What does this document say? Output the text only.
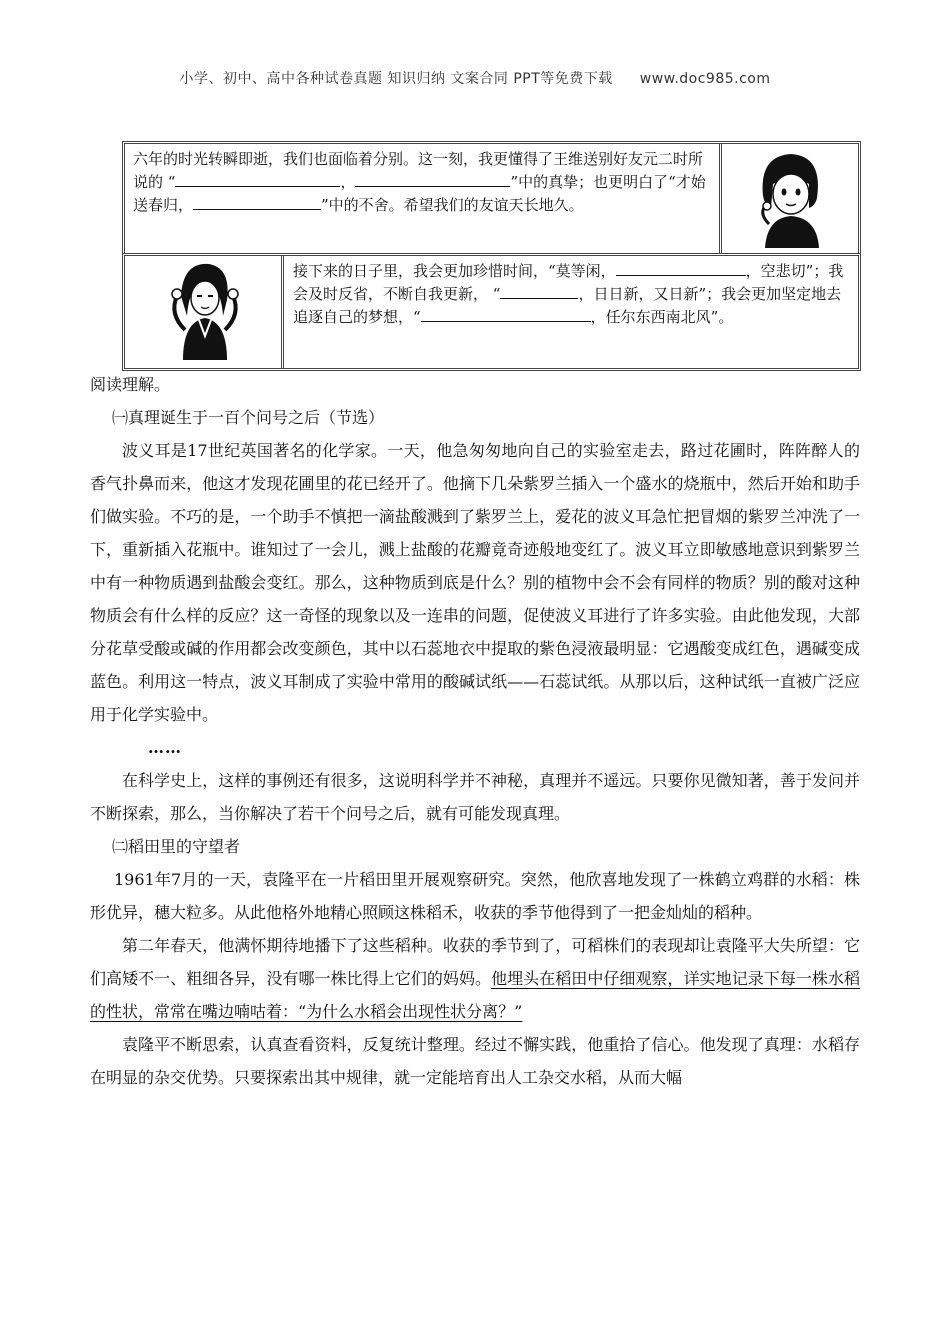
小学、初中、高中各种试卷真题 知识归纳 文案合同 PPT等免费下载 www.doc985.com
六年的时光转瞬即逝，我们也面临着分别。这一刻，我更懂得了王维送别好友元二时所说的 “	，	”中的真挚；也更明白了“才始送春归，	”中的不舍。希望我们的友谊天长地久。
接下来的日子里，我会更加珍惜时间，“莫等闲，	，空悲切”；我会及时反省，不断自我更新， “	，日日新，又日新”；我会更加坚定地去追逐自己的梦想，“	，任尔东西南北风”。

阅读理解。

㈠真理诞生于一百个问号之后（节选）

波义耳是17世纪英国著名的化学家。一天，他急匆匆地向自己的实验室走去，路过花圃时，阵阵醉人的香气扑鼻而来，他这才发现花圃里的花已经开了。他摘下几朵紫罗兰插入一个盛水的烧瓶中，然后开始和助手们做实验。不巧的是，一个助手不慎把一滴盐酸溅到了紫罗兰上，爱花的波义耳急忙把冒烟的紫罗兰冲洗了一下，重新插入花瓶中。谁知过了一会儿，溅上盐酸的花瓣竟奇迹般地变红了。波义耳立即敏感地意识到紫罗兰中有一种物质遇到盐酸会变红。那么，这种物质到底是什么？别的植物中会不会有同样的物质？别的酸对这种物质会有什么样的反应？这一奇怪的现象以及一连串的问题，促使波义耳进行了许多实验。由此他发现，大部分花草受酸或碱的作用都会改变颜色，其中以石蕊地衣中提取的紫色浸液最明显：它遇酸变成红色，遇碱变成蓝色。利用这一特点，波义耳制成了实验中常用的酸碱试纸——石蕊试纸。从那以后，这种试纸一直被广泛应用于化学实验中。

……

在科学史上，这样的事例还有很多，这说明科学并不神秘，真理并不遥远。只要你见微知著，善于发问并不断探索，那么，当你解决了若干个问号之后，就有可能发现真理。

㈡稻田里的守望者

1961年7月的一天，袁隆平在一片稻田里开展观察研究。突然，他欣喜地发现了一株鹤立鸡群的水稻：株形优异，穗大粒多。从此他格外地精心照顾这株稻禾，收获的季节他得到了一把金灿灿的稻种。

第二年春天，他满怀期待地播下了这些稻种。收获的季节到了，可稻株们的表现却让袁隆平大失所望：它们高矮不一、粗细各异，没有哪一株比得上它们的妈妈。他埋头在稻田中仔细观察，详实地记录下每一株水稻的性状，常常在嘴边喃咕着：“为什么水稻会出现性状分离？”

袁隆平不断思索，认真查看资料，反复统计整理。经过不懈实践，他重拾了信心。他发现了真理：水稻存在明显的杂交优势。只要探索出其中规律，就一定能培育出人工杂交水稻，从而大幅
